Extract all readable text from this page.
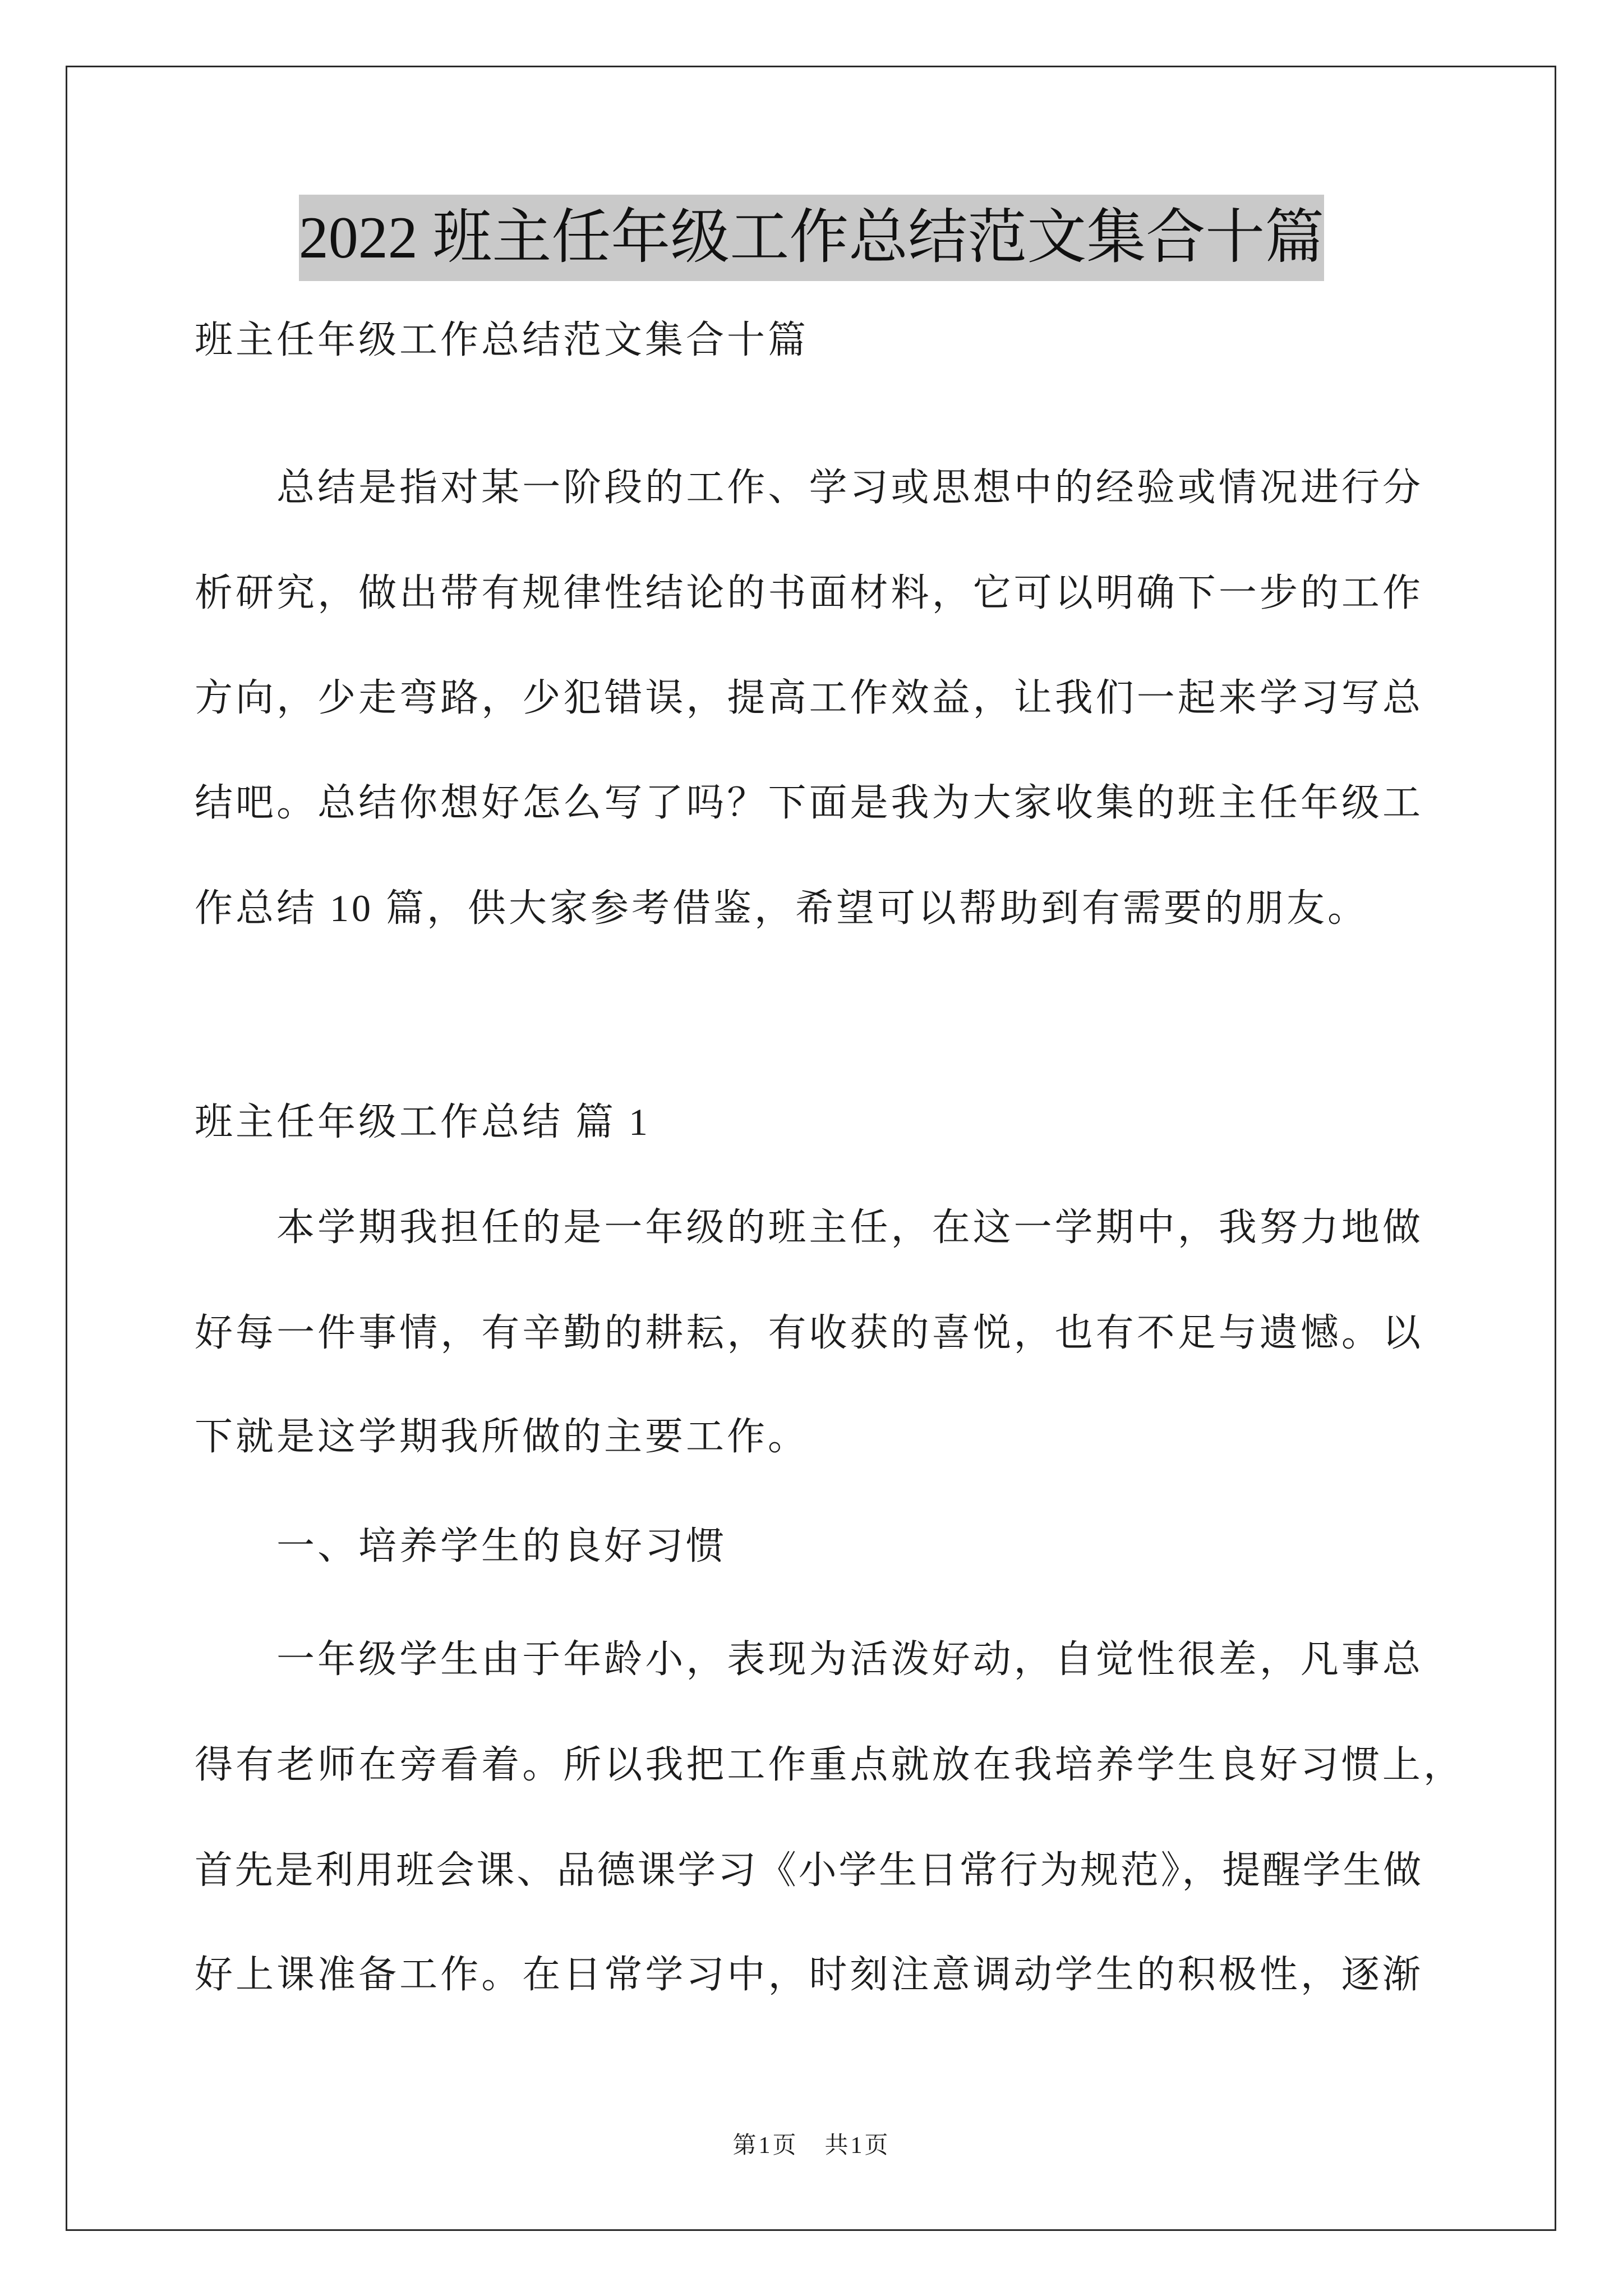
2022 班主任年级工作总结范文集合十篇
班主任年级工作总结范文集合十篇
总结是指对某一阶段的工作、学习或思想中的经验或情况进行分
析研究，做出带有规律性结论的书面材料，它可以明确下一步的工作
方向，少走弯路，少犯错误，提高工作效益，让我们一起来学习写总
结吧。总结你想好怎么写了吗？下面是我为大家收集的班主任年级工
作总结 10 篇，供大家参考借鉴，希望可以帮助到有需要的朋友。
班主任年级工作总结 篇 1
本学期我担任的是一年级的班主任，在这一学期中，我努力地做
好每一件事情，有辛勤的耕耘，有收获的喜悦，也有不足与遗憾。以
下就是这学期我所做的主要工作。
一、培养学生的良好习惯
一年级学生由于年龄小，表现为活泼好动，自觉性很差，凡事总
得有老师在旁看着。所以我把工作重点就放在我培养学生良好习惯上，
首先是利用班会课、品德课学习《小学生日常行为规范》，提醒学生做
好上课准备工作。在日常学习中，时刻注意调动学生的积极性，逐渐
第1页 共1页
